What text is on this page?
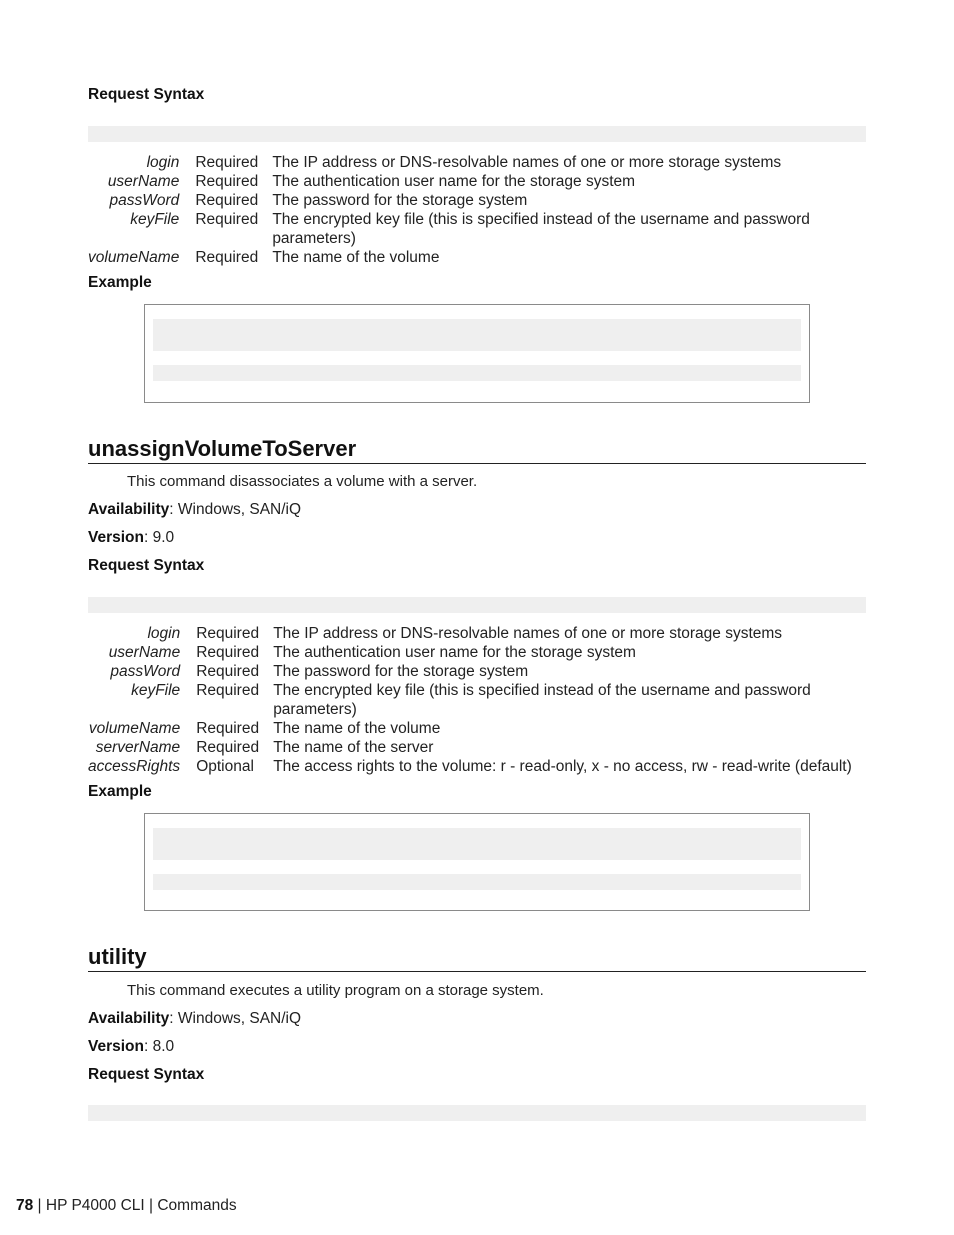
Request Syntax
login	Required	The IP address or DNS-resolvable names of one or more storage systems
userName	Required	The authentication user name for the storage system
passWord	Required	The password for the storage system
keyFile	Required	The encrypted key file (this is specified instead of the username and password parameters)
volumeName	Required	The name of the volume
Example
unassignVolumeToServer
This command disassociates a volume with a server.
Availability: Windows, SAN/iQ
Version: 9.0
Request Syntax
login	Required	The IP address or DNS-resolvable names of one or more storage systems
userName	Required	The authentication user name for the storage system
passWord	Required	The password for the storage system
keyFile	Required	The encrypted key file (this is specified instead of the username and password parameters)
volumeName	Required	The name of the volume
serverName	Required	The name of the server
accessRights	Optional	The access rights to the volume: r - read-only, x - no access, rw - read-write (default)
Example
utility
This command executes a utility program on a storage system.
Availability: Windows, SAN/iQ
Version: 8.0
Request Syntax
78 | HP P4000 CLI | Commands
